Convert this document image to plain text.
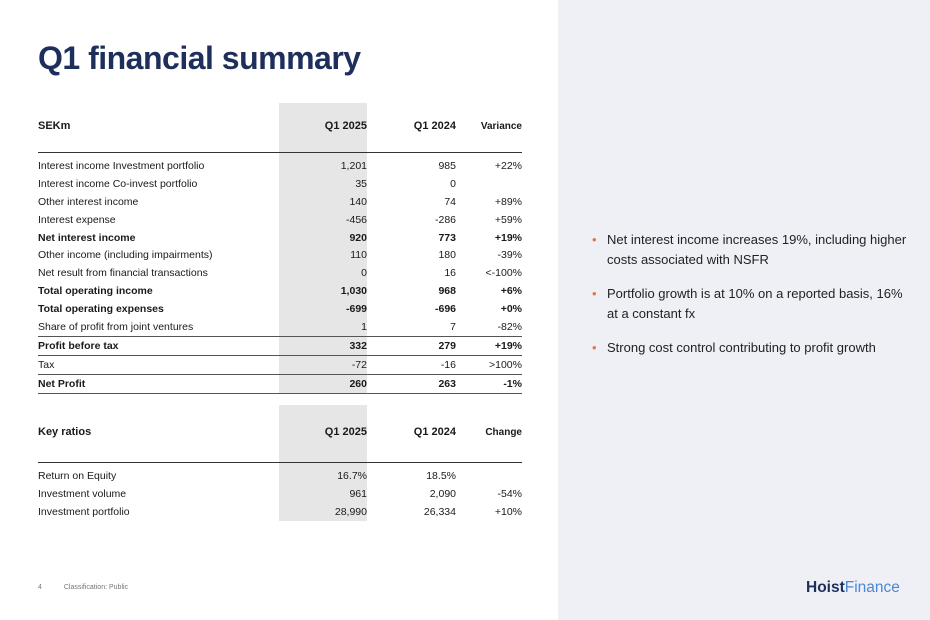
Q1 financial summary
SEKm	Q1 2025	Q1 2024	Variance
Interest income Investment portfolio	1,201	985	+22%
Interest income Co-invest portfolio	35	0	
Other interest income	140	74	+89%
Interest expense	-456	-286	+59%
Net interest income	920	773	+19%
Other income (including impairments)	110	180	-39%
Net result from financial transactions	0	16	<-100%
Total operating income	1,030	968	+6%
Total operating expenses	-699	-696	+0%
Share of profit from joint ventures	1	7	-82%
Profit before tax	332	279	+19%
Tax	-72	-16	>100%
Net Profit	260	263	-1%
Key ratios	Q1 2025	Q1 2024	Change
Return on Equity	16.7%	18.5%	
Investment volume	961	2,090	-54%
Investment portfolio	28,990	26,334	+10%
• Net interest income increases 19%, including higher costs associated with NSFR
• Portfolio growth is at 10% on a reported basis, 16% at a constant fx
• Strong cost control contributing to profit growth
4	Classification: Public	HoistFinance
